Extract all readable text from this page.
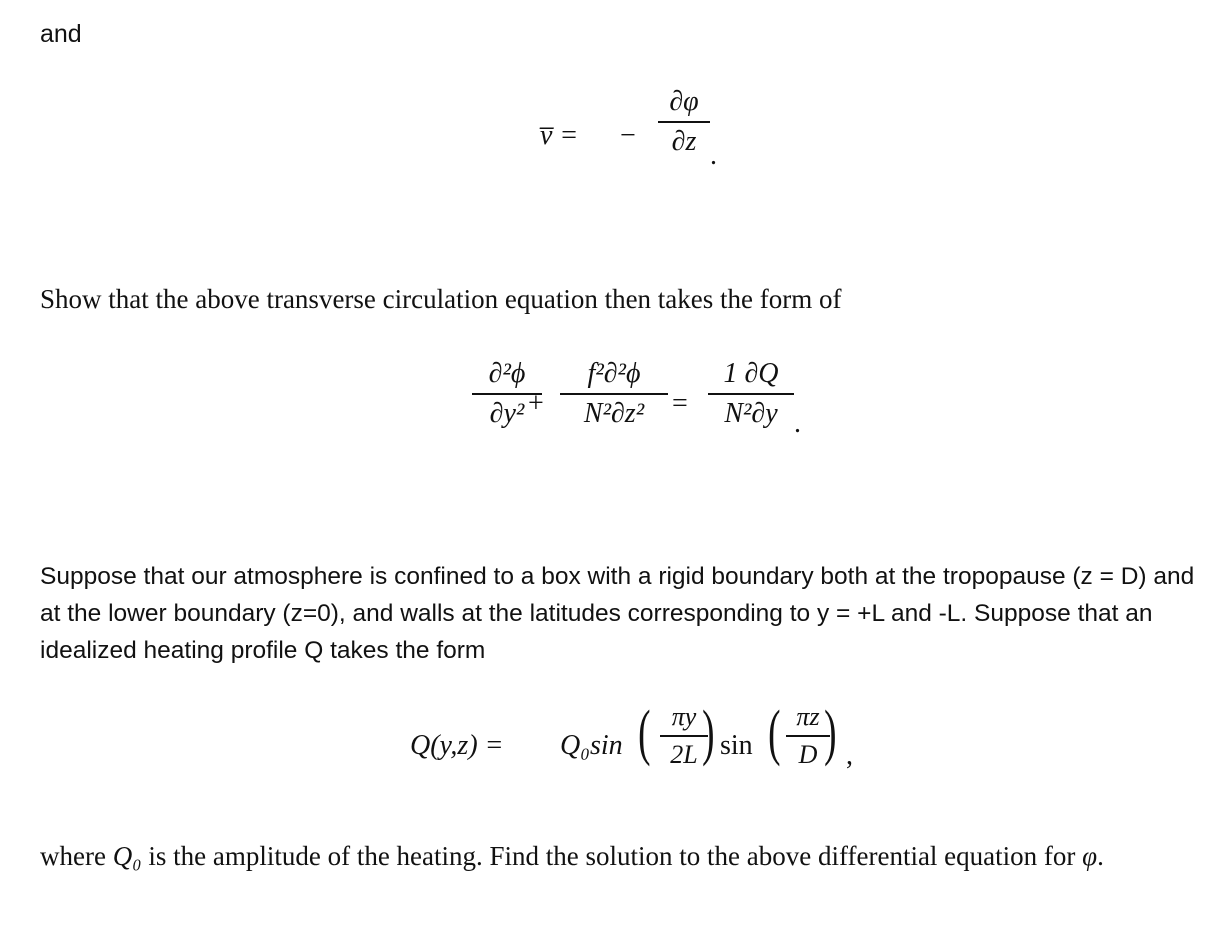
and
v̅ = −
∂φ
∂z .
Show that the above transverse circulation equation then takes the form of
∂²ϕ
∂y² +
f²∂²ϕ
N²∂z² =
1 ∂Q
N²∂y .
Suppose that our atmosphere is confined to a box with a rigid boundary both at the tropopause (z = D) and at the lower boundary (z=0), and walls at the latitudes corresponding to y = +L and -L. Suppose that an idealized heating profile Q takes the form
Q(y,z) = Q₀sin ( πy
2L ) sin ( πz
D ) ,
where Q₀ is the amplitude of the heating. Find the solution to the above differential equation for φ.
